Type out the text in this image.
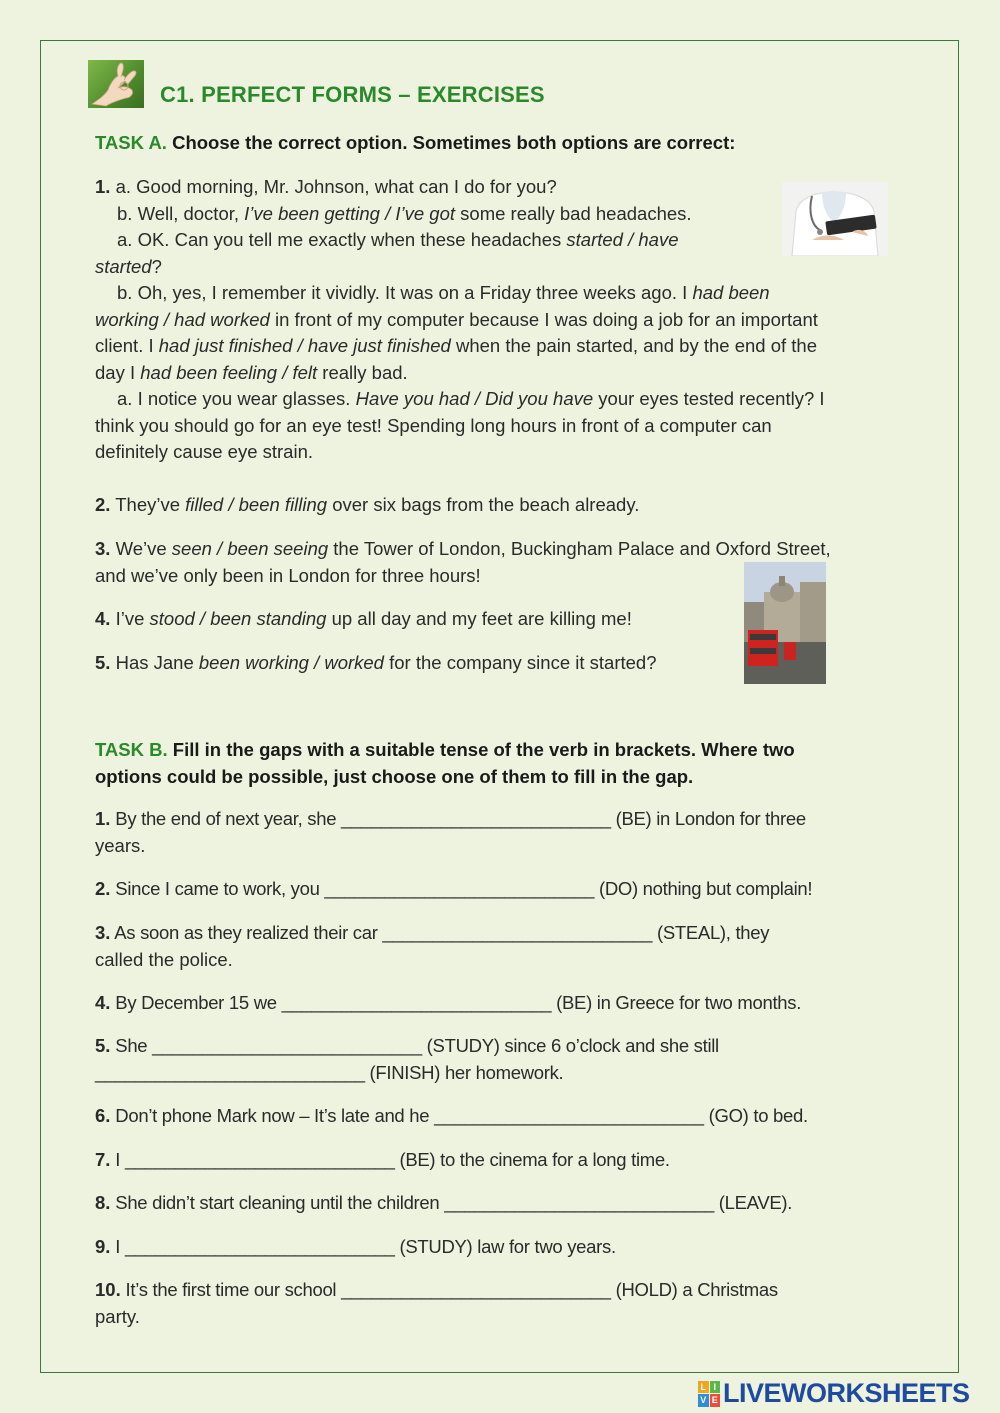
C1. PERFECT FORMS – EXERCISES
TASK A. Choose the correct option. Sometimes both options are correct:
1. a. Good morning, Mr. Johnson, what can I do for you?
b. Well, doctor, I’ve been getting / I’ve got some really bad headaches.
a. OK. Can you tell me exactly when these headaches started / have
started?
b. Oh, yes, I remember it vividly. It was on a Friday three weeks ago. I had been
working / had worked in front of my computer because I was doing a job for an important
client. I had just finished / have just finished when the pain started, and by the end of the
day I had been feeling / felt really bad.
a. I notice you wear glasses. Have you had / Did you have your eyes tested recently? I
think you should go for an eye test! Spending long hours in front of a computer can
definitely cause eye strain.
2. They’ve filled / been filling over six bags from the beach already.
3. We’ve seen / been seeing the Tower of London, Buckingham Palace and Oxford Street,
and we’ve only been in London for three hours!
4. I’ve stood / been standing up all day and my feet are killing me!
5. Has Jane been working / worked for the company since it started?
TASK B. Fill in the gaps with a suitable tense of the verb in brackets. Where two
options could be possible, just choose one of them to fill in the gap.
1. By the end of next year, she ___________________________ (BE) in London for three
years.
2. Since I came to work, you ___________________________ (DO) nothing but complain!
3. As soon as they realized their car ___________________________ (STEAL), they
called the police.
4. By December 15 we ___________________________ (BE) in Greece for two months.
5. She ___________________________ (STUDY) since 6 o’clock and she still
___________________________ (FINISH) her homework.
6. Don’t phone Mark now – It’s late and he ___________________________ (GO) to bed.
7. I ___________________________ (BE) to the cinema for a long time.
8. She didn’t start cleaning until the children ___________________________ (LEAVE).
9. I ___________________________ (STUDY) law for two years.
10. It’s the first time our school ___________________________ (HOLD) a Christmas
party.
L I
V E LIVEWORKSHEETS
